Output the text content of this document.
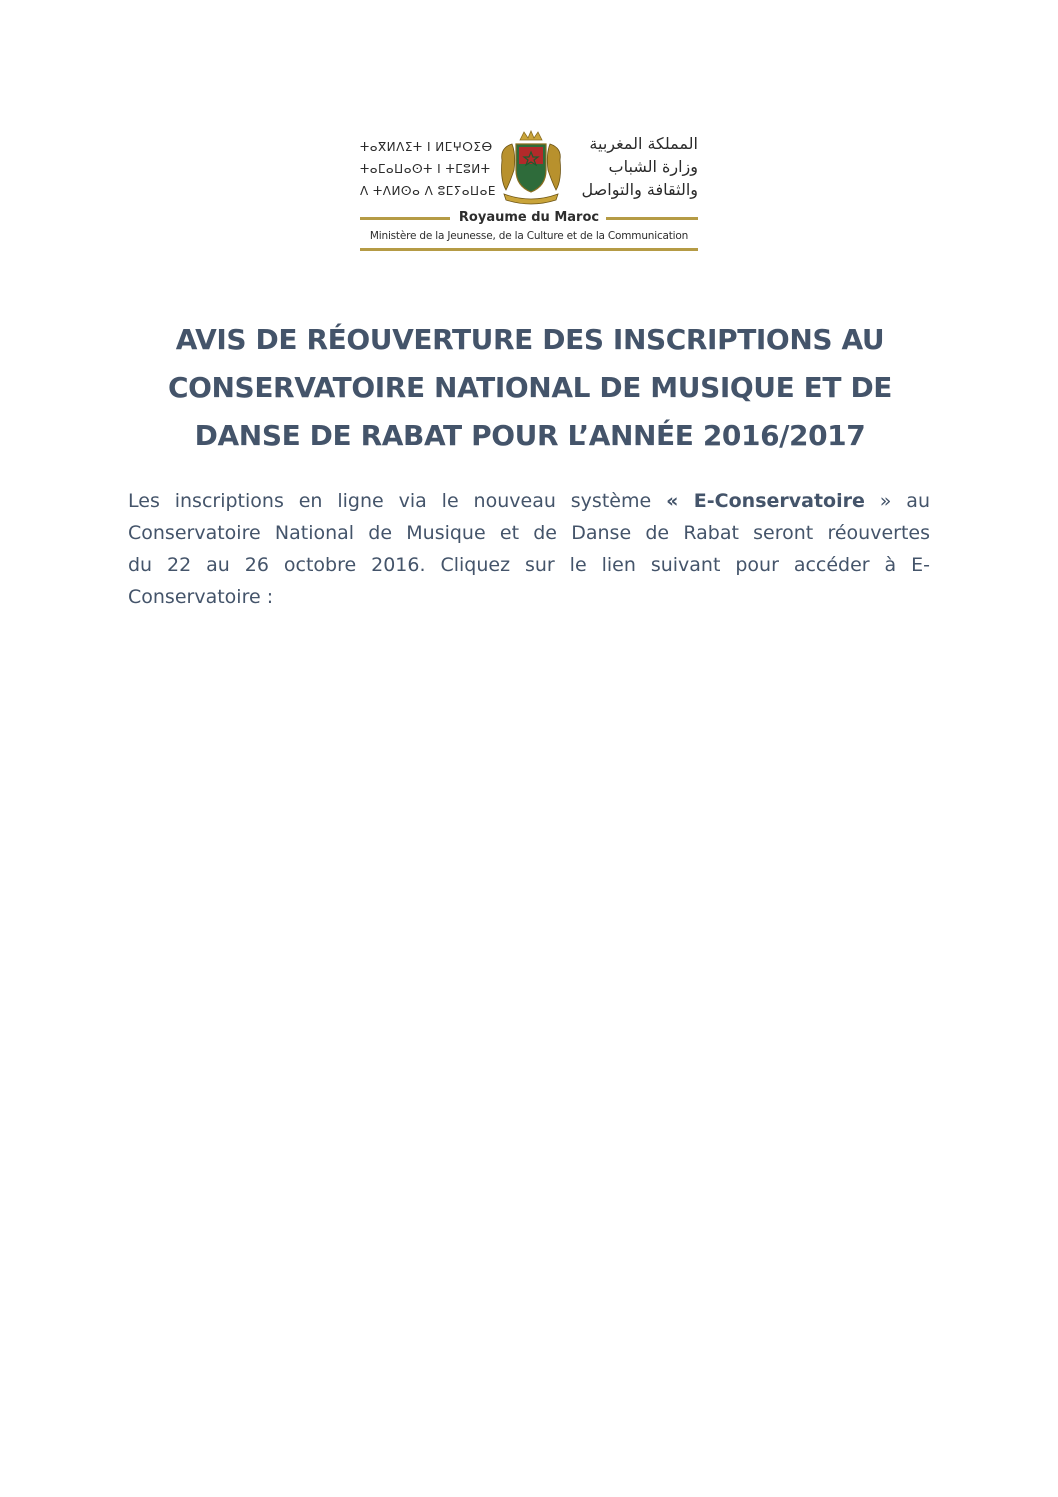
ⵜⴰⴳⵍⴷⵉⵜ ⵏ ⵍⵎⵖⵔⵉⴱ
ⵜⴰⵎⴰⵡⴰⵙⵜ ⵏ ⵜⵎⵓⵍⵜ
ⴷ ⵜⴷⵍⵙⴰ ⴷ ⵓⵎⵢⴰⵡⴰⴹ
المملكة المغربية
وزارة الشباب
والثقافة والتواصل
Royaume du Maroc
Ministère de la Jeunesse, de la Culture et de la Communication
AVIS DE RÉOUVERTURE DES INSCRIPTIONS AU
CONSERVATOIRE NATIONAL DE MUSIQUE ET DE
DANSE DE RABAT POUR L’ANNÉE 2016/2017
Les inscriptions en ligne via le nouveau système « E-Conservatoire » au
Conservatoire National de Musique et de Danse de Rabat seront réouvertes
du 22 au 26 octobre 2016. Cliquez sur le lien suivant pour accéder à E-
Conservatoire :
